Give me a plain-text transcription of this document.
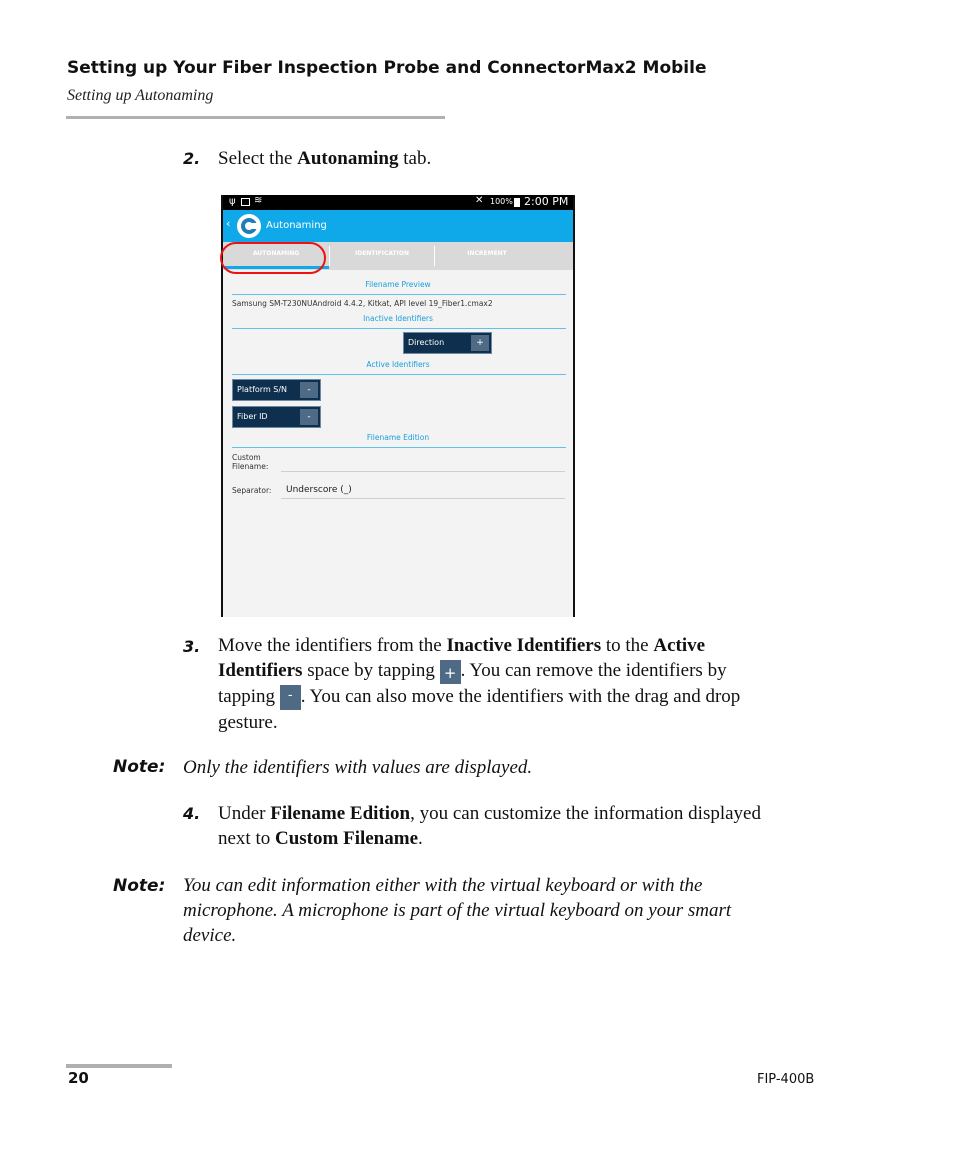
Setting up Your Fiber Inspection Probe and ConnectorMax2 Mobile
Setting up Autonaming
2. Select the Autonaming tab.
ψ ≋	✕ 100% 2:00 PM
‹	Autonaming
AUTONAMING	IDENTIFICATION	INCREMENT
Filename Preview
Samsung SM-T230NUAndroid 4.4.2, Kitkat, API level 19_Fiber1.cmax2
Inactive Identifiers
Direction	+
Active Identifiers
Platform S/N	-
Fiber ID	-
Filename Edition
Custom
Filename:
Separator: Underscore (_)
3. Move the identifiers from the Inactive Identifiers to the Active
Identifiers space by tapping + . You can remove the identifiers by
tapping - . You can also move the identifiers with the drag and drop
gesture.
Note: Only the identifiers with values are displayed.
4. Under Filename Edition, you can customize the information displayed
next to Custom Filename.
Note: You can edit information either with the virtual keyboard or with the
microphone. A microphone is part of the virtual keyboard on your smart
device.
20	FIP-400B
